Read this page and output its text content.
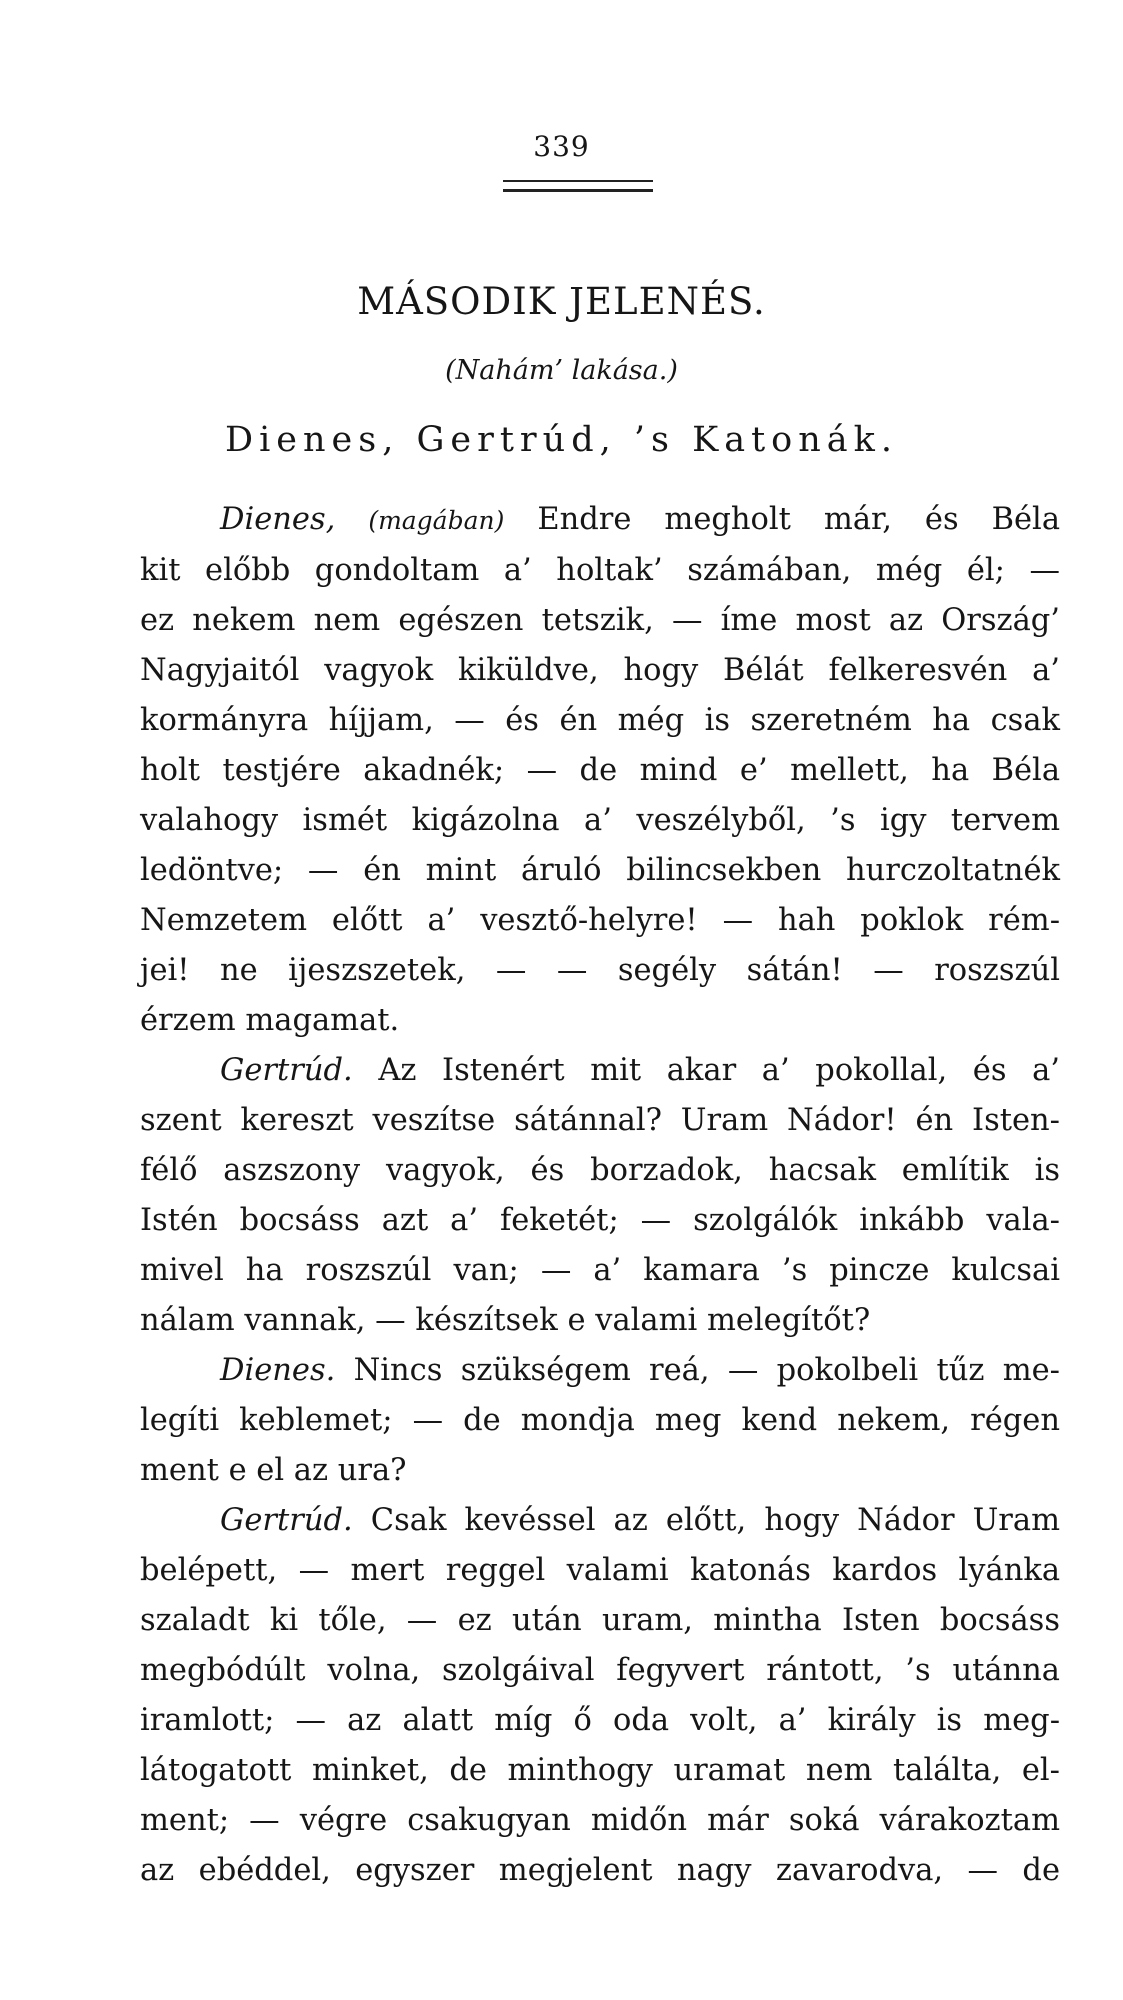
339
MÁSODIK JELENÉS.
(Nahám’ lakása.)
Dienes, Gertrúd, ’s Katonák.
Dienes, (magában) Endre megholt már, és Béla
kit előbb gondoltam a’ holtak’ számában, még él; —
ez nekem nem egészen tetszik, — íme most az Ország’
Nagyjaitól vagyok kiküldve, hogy Bélát felkeresvén a’
kormányra híjjam, — és én még is szeretném ha csak
holt testjére akadnék; — de mind e’ mellett, ha Béla
valahogy ismét kigázolna a’ veszélyből, ’s igy tervem
ledöntve; — én mint áruló bilincsekben hurczoltatnék
Nemzetem előtt a’ vesztő-helyre! — hah poklok rém-
jei! ne ijeszszetek, — — segély sátán! — roszszúl
érzem magamat.
Gertrúd. Az Istenért mit akar a’ pokollal, és a’
szent kereszt veszítse sátánnal? Uram Nádor! én Isten-
félő aszszony vagyok, és borzadok, hacsak említik is
Istén bocsáss azt a’ feketét; — szolgálók inkább vala-
mivel ha roszszúl van; — a’ kamara ’s pincze kulcsai
nálam vannak, — készítsek e valami melegítőt?
Dienes. Nincs szükségem reá, — pokolbeli tűz me-
legíti keblemet; — de mondja meg kend nekem, régen
ment e el az ura?
Gertrúd. Csak kevéssel az előtt, hogy Nádor Uram
belépett, — mert reggel valami katonás kardos lyánka
szaladt ki tőle, — ez után uram, mintha Isten bocsáss
megbódúlt volna, szolgáival fegyvert rántott, ’s utánna
iramlott; — az alatt míg ő oda volt, a’ király is meg-
látogatott minket, de minthogy uramat nem találta, el-
ment; — végre csakugyan midőn már soká várakoztam
az ebéddel, egyszer megjelent nagy zavarodva, — de
